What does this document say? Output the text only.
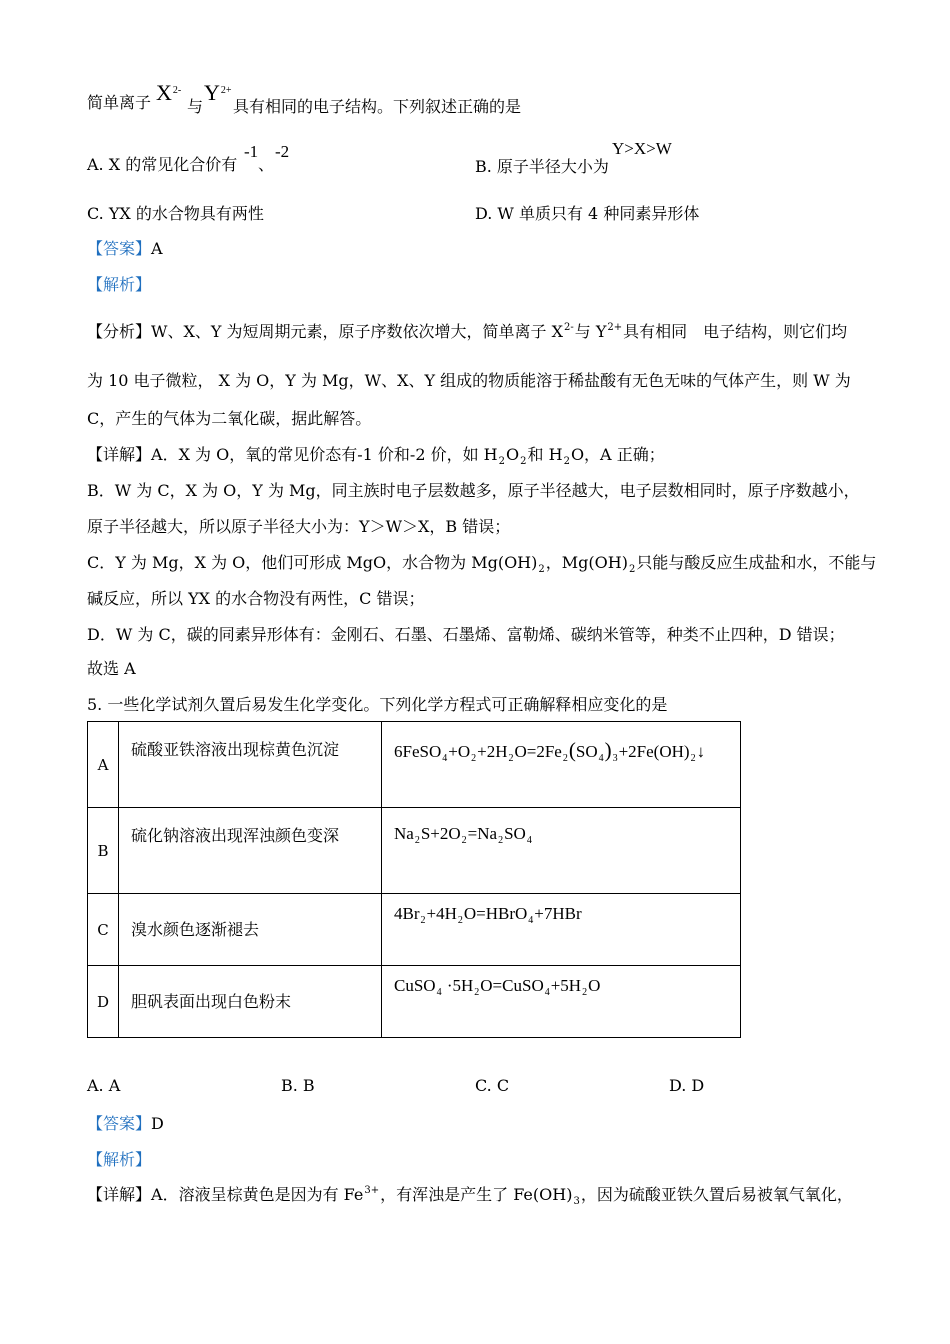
简单离子 $X^{2-}$
与
$Y^{2+}$
具有相同的电子结构。下列叙述正确的是
A. X 的常见化合价有
-1
、
-2
B. 原子半径大小为
Y>X>W
C. YX 的水合物具有两性	D. W 单质只有 4 种同素异形体
【答案】A
【解析】
【分析】W、X、Y 为短周期元素，原子序数依次增大，简单离子 $X^{2-}$与 $Y^{2+}$具有相同　电子结构，则它们均
为 10 电子微粒， X 为 O，Y 为 Mg，W、X、Y 组成的物质能溶于稀盐酸有无色无味的气体产生，则 W 为
C，产生的气体为二氧化碳，据此解答。
【详解】A．X 为 O，氧的常见价态有-1 价和-2 价，如 $H_2O_2$和 $H_2O$，A 正确；
B．W 为 C，X 为 O，Y 为 Mg，同主族时电子层数越多，原子半径越大，电子层数相同时，原子序数越小，
原子半径越大，所以原子半径大小为：Y＞W＞X，B 错误；
C．Y 为 Mg，X 为 O，他们可形成 MgO，水合物为 $Mg(OH)_2$，$Mg(OH)_2$只能与酸反应生成盐和水，不能与
碱反应，所以 YX 的水合物没有两性，C 错误；
D．W 为 C，碳的同素异形体有：金刚石、石墨、石墨烯、富勒烯、碳纳米管等，种类不止四种，D 错误；
故选 A
5. 一些化学试剂久置后易发生化学变化。下列化学方程式可正确解释相应变化的是
A	硫酸亚铁溶液出现棕黄色沉淀	$6FeSO_4+O_2+2H_2O=2Fe_2(SO_4)_3+2Fe(OH)_2↓$
B	硫化钠溶液出现浑浊颜色变深	$Na_2S+2O_2=Na_2SO_4$
C	溴水颜色逐渐褪去	$4Br_2+4H_2O=HBrO_4+7HBr$
D	胆矾表面出现白色粉末	CuSO$_4$ $\cdot 5H_2O=CuSO_4+5H_2O$
A. A	B. B	C. C	D. D
【答案】D
【解析】
【详解】A．溶液呈棕黄色是因为有 $Fe^{3+}$，有浑浊是产生了 $Fe(OH)_3$，因为硫酸亚铁久置后易被氧气氧化，
